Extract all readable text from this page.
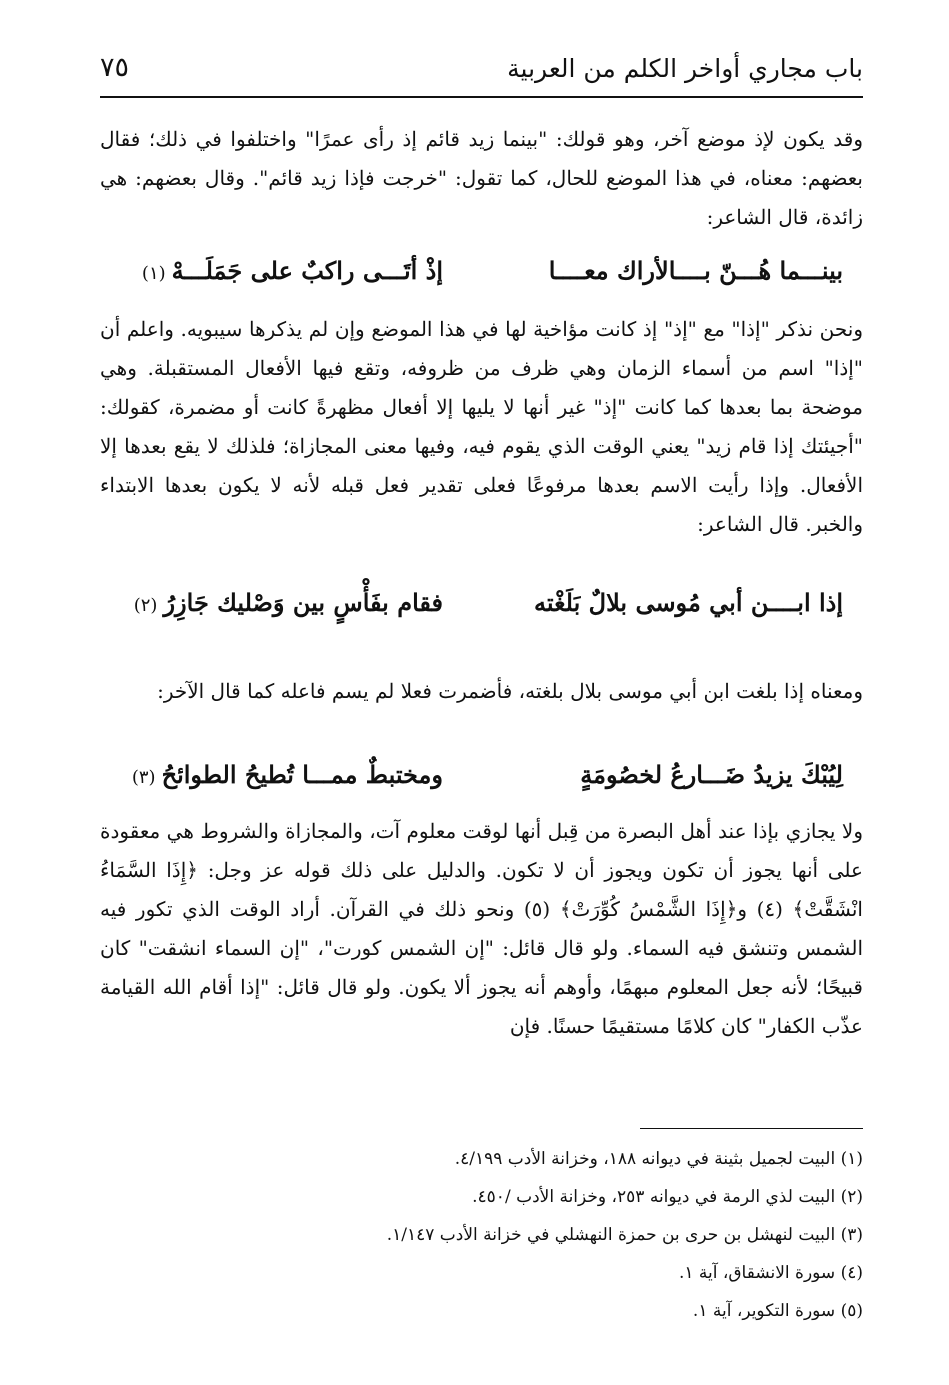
باب مجاري أواخر الكلم من العربية
٧٥

وقد يكون لإذ موضع آخر، وهو قولك: "بينما زيد قائم إذ رأى عمرًا" واختلفوا في ذلك؛ فقال بعضهم: معناه، في هذا الموضع للحال، كما تقول: "خرجت فإذا زيد قائم". وقال بعضهم: هي زائدة، قال الشاعر:

بينـــما هُـــنّ بــــالأراك معــــا
إذْ أتَـــى راكبٌ على جَمَلَـــهْ(١)

ونحن نذكر "إذا" مع "إذ" إذ كانت مؤاخية لها في هذا الموضع وإن لم يذكرها سيبويه. واعلم أن "إذا" اسم من أسماء الزمان وهي ظرف من ظروفه، وتقع فيها الأفعال المستقبلة. وهي موضحة بما بعدها كما كانت "إذ" غير أنها لا يليها إلا أفعال مظهرةً كانت أو مضمرة، كقولك: "أجيئتك إذا قام زيد" يعني الوقت الذي يقوم فيه، وفيها معنى المجازاة؛ فلذلك لا يقع بعدها إلا الأفعال. وإذا رأيت الاسم بعدها مرفوعًا فعلى تقدير فعل قبله لأنه لا يكون بعدها الابتداء والخبر. قال الشاعر:

إذا ابــــن أبي مُوسى بلالٌ بَلَغْته
فقام بفَأْسٍ بين وَصْليك جَازِرُ(٢)

ومعناه إذا بلغت ابن أبي موسى بلال بلغته، فأضمرت فعلا لم يسم فاعله كما قال الآخر:

لِيُبْكَ يزيدُ ضَـــارعُ لخصُومَةٍ
ومختبطٌ ممـــا تُطيحُ الطوائحُ(٣)

ولا يجازي بإذا عند أهل البصرة من قِبل أنها لوقت معلوم آت، والمجازاة والشروط هي معقودة على أنها يجوز أن تكون ويجوز أن لا تكون. والدليل على ذلك قوله عز وجل: ﴿إِذَا السَّمَاءُ انْشَقَّتْ﴾ (٤) و﴿إِذَا الشَّمْسُ كُوِّرَتْ﴾ (٥) ونحو ذلك في القرآن. أراد الوقت الذي تكور فيه الشمس وتنشق فيه السماء. ولو قال قائل: "إن الشمس كورت"، "إن السماء انشقت" كان قبيحًا؛ لأنه جعل المعلوم مبهمًا، وأوهم أنه يجوز ألا يكون. ولو قال قائل: "إذا أقام الله القيامة عذّب الكفار" كان كلامًا مستقيمًا حسنًا. فإن

(١) البيت لجميل بثينة في ديوانه ١٨٨، وخزانة الأدب ٤/١٩٩.
(٢) البيت لذي الرمة في ديوانه ٢٥٣، وخزانة الأدب /٤٥٠.
(٣) البيت لنهشل بن حرى بن حمزة النهشلي في خزانة الأدب ١/١٤٧.
(٤) سورة الانشقاق، آية ١.
(٥) سورة التكوير، آية ١.
